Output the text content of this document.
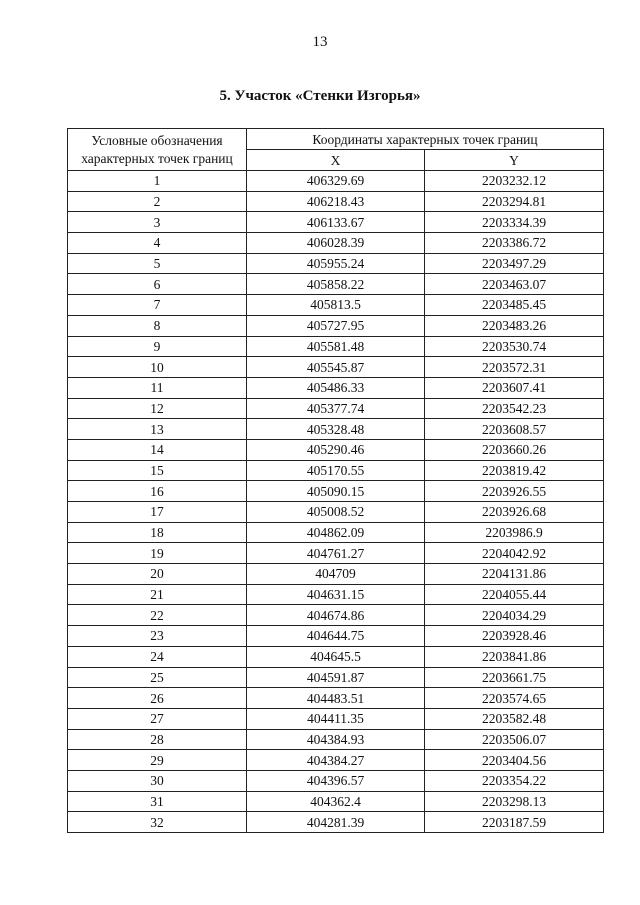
13
5. Участок «Стенки Изгорья»
Условные обозначения характерных точек границ	Координаты характерных точек границ	
	X	Y
1	406329.69	2203232.12
2	406218.43	2203294.81
3	406133.67	2203334.39
4	406028.39	2203386.72
5	405955.24	2203497.29
6	405858.22	2203463.07
7	405813.5	2203485.45
8	405727.95	2203483.26
9	405581.48	2203530.74
10	405545.87	2203572.31
11	405486.33	2203607.41
12	405377.74	2203542.23
13	405328.48	2203608.57
14	405290.46	2203660.26
15	405170.55	2203819.42
16	405090.15	2203926.55
17	405008.52	2203926.68
18	404862.09	2203986.9
19	404761.27	2204042.92
20	404709	2204131.86
21	404631.15	2204055.44
22	404674.86	2204034.29
23	404644.75	2203928.46
24	404645.5	2203841.86
25	404591.87	2203661.75
26	404483.51	2203574.65
27	404411.35	2203582.48
28	404384.93	2203506.07
29	404384.27	2203404.56
30	404396.57	2203354.22
31	404362.4	2203298.13
32	404281.39	2203187.59
